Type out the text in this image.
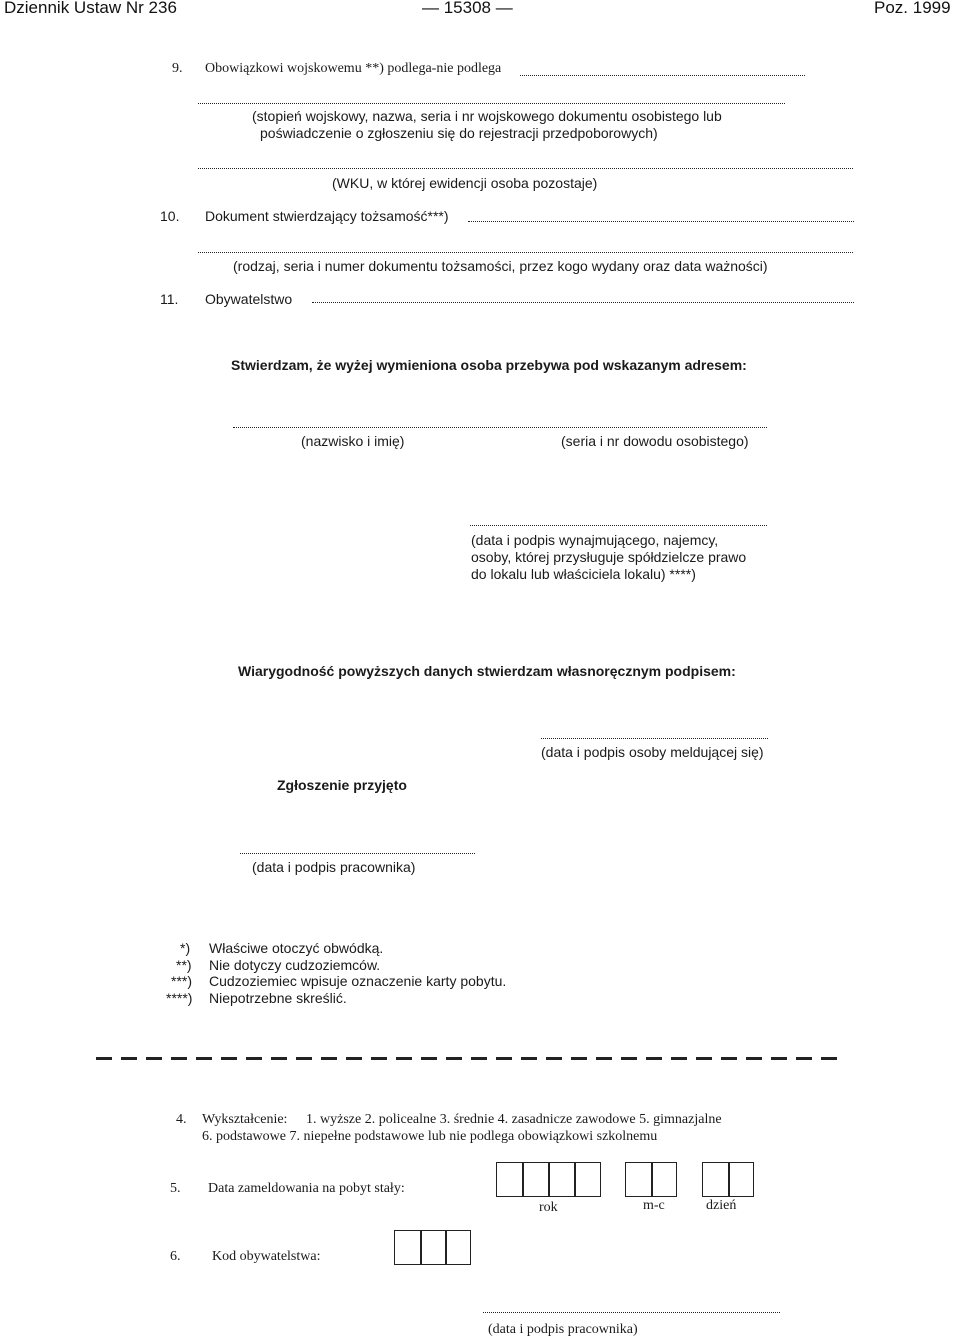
Dziennik Ustaw Nr 236	— 15308 —	Poz. 1999
9. Obowiązkowi wojskowemu **) podlega-nie podlega
(stopień wojskowy, nazwa, seria i nr wojskowego dokumentu osobistego lub
poświadczenie o zgłoszeniu się do rejestracji przedpoborowych)
(WKU, w której ewidencji osoba pozostaje)
10. Dokument stwierdzający tożsamość***)
(rodzaj, seria i numer dokumentu tożsamości, przez kogo wydany oraz data ważności)
11. Obywatelstwo
Stwierdzam, że wyżej wymieniona osoba przebywa pod wskazanym adresem:
(nazwisko i imię)	(seria i nr dowodu osobistego)
(data i podpis wynajmującego, najemcy,
osoby, której przysługuje spółdzielcze prawo
do lokalu lub właściciela lokalu) ****)
Wiarygodność powyższych danych stwierdzam własnoręcznym podpisem:
(data i podpis osoby meldującej się)
Zgłoszenie przyjęto
(data i podpis pracownika)
*) Właściwe otoczyć obwódką.
**) Nie dotyczy cudzoziemców.
***) Cudzoziemiec wpisuje oznaczenie karty pobytu.
****) Niepotrzebne skreślić.
4. Wykształcenie: 1. wyższe 2. policealne 3. średnie 4. zasadnicze zawodowe 5. gimnazjalne
6. podstawowe 7. niepełne podstawowe lub nie podlega obowiązkowi szkolnemu
5. Data zameldowania na pobyt stały:
rok	m-c	dzień
6. Kod obywatelstwa:
(data i podpis pracownika)
